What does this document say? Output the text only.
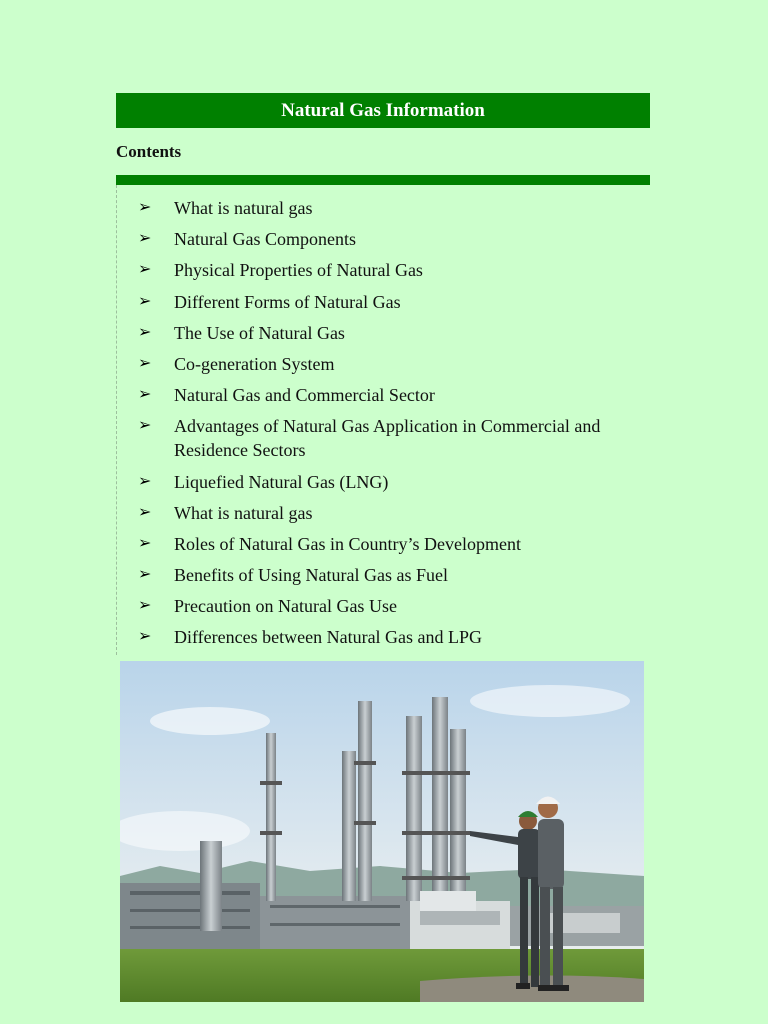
Natural Gas Information
Contents
➢	What is natural gas
➢	Natural Gas Components
➢	Physical Properties of Natural Gas
➢	Different Forms of Natural Gas
➢	The Use of Natural Gas
➢	Co-generation System
➢	Natural Gas and Commercial Sector
➢	Advantages of Natural Gas Application in Commercial and Residence Sectors
➢	Liquefied Natural Gas (LNG)
➢	What is natural gas
➢	Roles of Natural Gas in Country’s Development
➢	Benefits of Using Natural Gas as Fuel
➢	Precaution on Natural Gas Use
➢	Differences between Natural Gas and LPG
